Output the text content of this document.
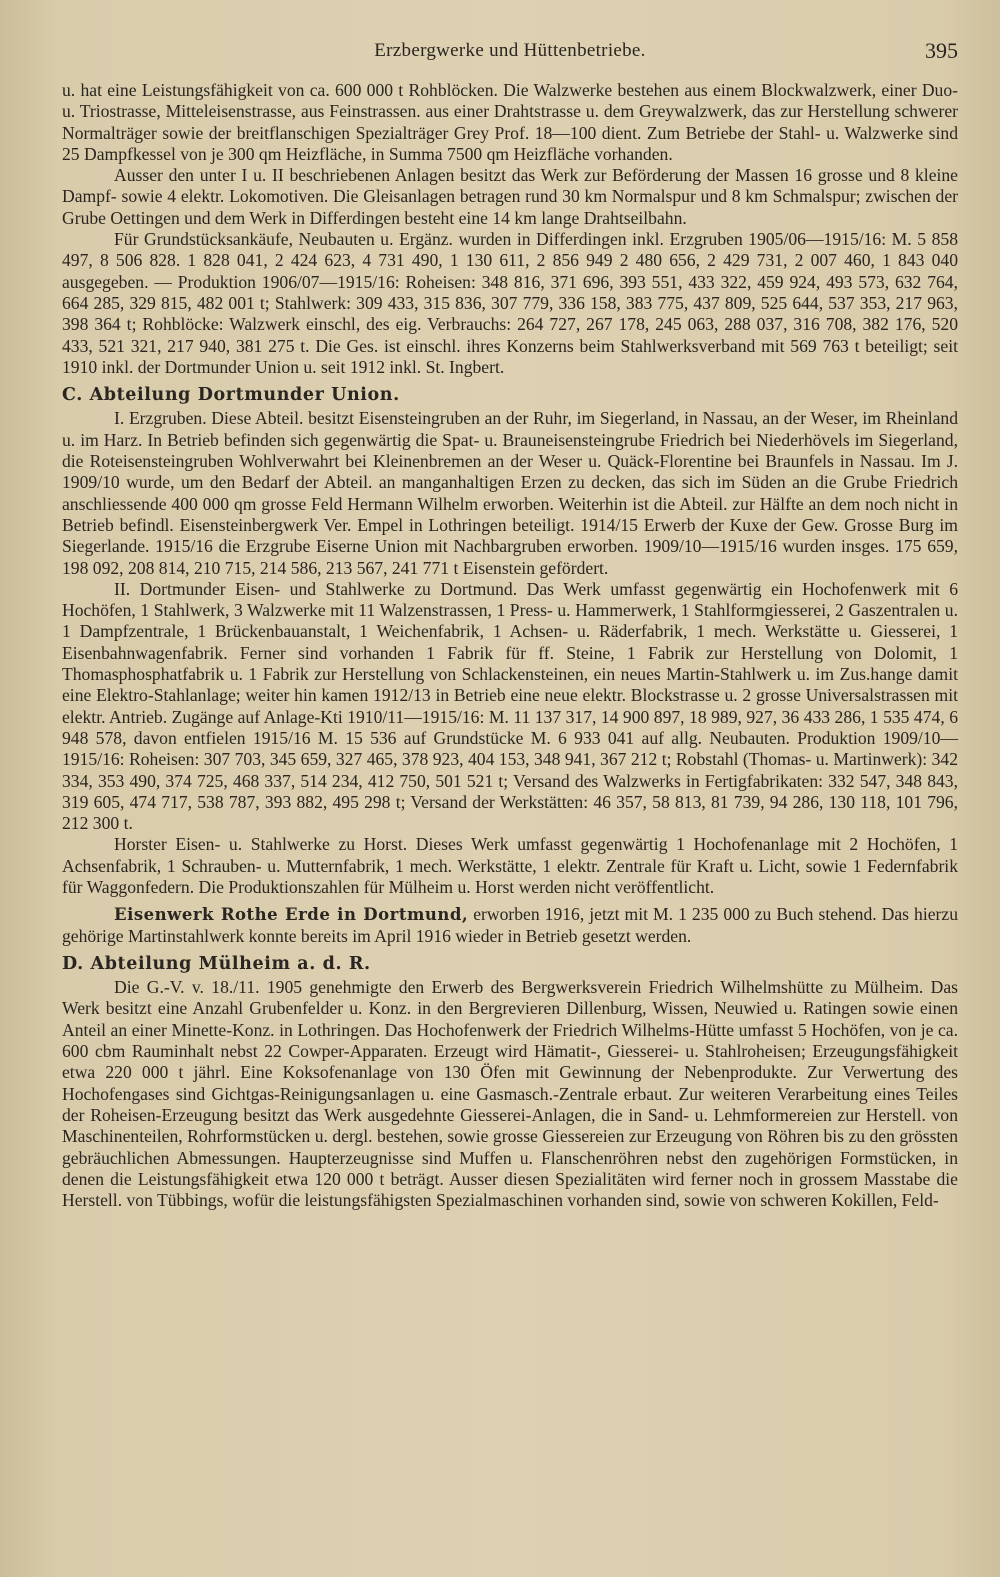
Erzbergwerke und Hüttenbetriebe.	395

u. hat eine Leistungsfähigkeit von ca. 600 000 t Rohblöcken. Die Walzwerke bestehen aus einem Blockwalzwerk, einer Duo- u. Triostrasse, Mitteleisenstrasse, aus Feinstrassen. aus einer Drahtstrasse u. dem Greywalzwerk, das zur Herstellung schwerer Normalträger sowie der breitflanschigen Spezialträger Grey Prof. 18—100 dient. Zum Betriebe der Stahl- u. Walzwerke sind 25 Dampfkessel von je 300 qm Heizfläche, in Summa 7500 qm Heizfläche vorhanden.

Ausser den unter I u. II beschriebenen Anlagen besitzt das Werk zur Beförderung der Massen 16 grosse und 8 kleine Dampf- sowie 4 elektr. Lokomotiven. Die Gleisanlagen betragen rund 30 km Normalspur und 8 km Schmalspur; zwischen der Grube Oettingen und dem Werk in Differdingen besteht eine 14 km lange Drahtseilbahn.

Für Grundstücksankäufe, Neubauten u. Ergänz. wurden in Differdingen inkl. Erzgruben 1905/06—1915/16: M. 5 858 497, 8 506 828. 1 828 041, 2 424 623, 4 731 490, 1 130 611, 2 856 949 2 480 656, 2 429 731, 2 007 460, 1 843 040 ausgegeben. — Produktion 1906/07—1915/16: Roheisen: 348 816, 371 696, 393 551, 433 322, 459 924, 493 573, 632 764, 664 285, 329 815, 482 001 t; Stahlwerk: 309 433, 315 836, 307 779, 336 158, 383 775, 437 809, 525 644, 537 353, 217 963, 398 364 t; Rohblöcke: Walzwerk einschl, des eig. Verbrauchs: 264 727, 267 178, 245 063, 288 037, 316 708, 382 176, 520 433, 521 321, 217 940, 381 275 t. Die Ges. ist einschl. ihres Konzerns beim Stahlwerksverband mit 569 763 t beteiligt; seit 1910 inkl. der Dortmunder Union u. seit 1912 inkl. St. Ingbert.

C. Abteilung Dortmunder Union.

I. Erzgruben. Diese Abteil. besitzt Eisensteingruben an der Ruhr, im Siegerland, in Nassau, an der Weser, im Rheinland u. im Harz. In Betrieb befinden sich gegenwärtig die Spat- u. Brauneisensteingrube Friedrich bei Niederhövels im Siegerland, die Roteisensteingruben Wohlverwahrt bei Kleinenbremen an der Weser u. Quäck-Florentine bei Braunfels in Nassau. Im J. 1909/10 wurde, um den Bedarf der Abteil. an manganhaltigen Erzen zu decken, das sich im Süden an die Grube Friedrich anschliessende 400 000 qm grosse Feld Hermann Wilhelm erworben. Weiterhin ist die Abteil. zur Hälfte an dem noch nicht in Betrieb befindl. Eisensteinbergwerk Ver. Empel in Lothringen beteiligt. 1914/15 Erwerb der Kuxe der Gew. Grosse Burg im Siegerlande. 1915/16 die Erzgrube Eiserne Union mit Nachbargruben erworben. 1909/10—1915/16 wurden insges. 175 659, 198 092, 208 814, 210 715, 214 586, 213 567, 241 771 t Eisenstein gefördert.

II. Dortmunder Eisen- und Stahlwerke zu Dortmund. Das Werk umfasst gegenwärtig ein Hochofenwerk mit 6 Hochöfen, 1 Stahlwerk, 3 Walzwerke mit 11 Walzenstrassen, 1 Press- u. Hammerwerk, 1 Stahlformgiesserei, 2 Gaszentralen u. 1 Dampfzentrale, 1 Brückenbauanstalt, 1 Weichenfabrik, 1 Achsen- u. Räderfabrik, 1 mech. Werkstätte u. Giesserei, 1 Eisenbahnwagenfabrik. Ferner sind vorhanden 1 Fabrik für ff. Steine, 1 Fabrik zur Herstellung von Dolomit, 1 Thomasphosphatfabrik u. 1 Fabrik zur Herstellung von Schlackensteinen, ein neues Martin-Stahlwerk u. im Zus.hange damit eine Elektro-Stahlanlage; weiter hin kamen 1912/13 in Betrieb eine neue elektr. Blockstrasse u. 2 grosse Universalstrassen mit elektr. Antrieb. Zugänge auf Anlage-Kti 1910/11—1915/16: M. 11 137 317, 14 900 897, 18 989, 927, 36 433 286, 1 535 474, 6 948 578, davon entfielen 1915/16 M. 15 536 auf Grundstücke M. 6 933 041 auf allg. Neubauten. Produktion 1909/10—1915/16: Roheisen: 307 703, 345 659, 327 465, 378 923, 404 153, 348 941, 367 212 t; Robstahl (Thomas- u. Martinwerk): 342 334, 353 490, 374 725, 468 337, 514 234, 412 750, 501 521 t; Versand des Walzwerks in Fertigfabrikaten: 332 547, 348 843, 319 605, 474 717, 538 787, 393 882, 495 298 t; Versand der Werkstätten: 46 357, 58 813, 81 739, 94 286, 130 118, 101 796, 212 300 t.

Horster Eisen- u. Stahlwerke zu Horst. Dieses Werk umfasst gegenwärtig 1 Hochofenanlage mit 2 Hochöfen, 1 Achsenfabrik, 1 Schrauben- u. Mutternfabrik, 1 mech. Werkstätte, 1 elektr. Zentrale für Kraft u. Licht, sowie 1 Federnfabrik für Waggonfedern. Die Produktionszahlen für Mülheim u. Horst werden nicht veröffentlicht.

Eisenwerk Rothe Erde in Dortmund, erworben 1916, jetzt mit M. 1 235 000 zu Buch stehend. Das hierzu gehörige Martinstahlwerk konnte bereits im April 1916 wieder in Betrieb gesetzt werden.

D. Abteilung Mülheim a. d. R.

Die G.-V. v. 18./11. 1905 genehmigte den Erwerb des Bergwerksverein Friedrich Wilhelmshütte zu Mülheim. Das Werk besitzt eine Anzahl Grubenfelder u. Konz. in den Bergrevieren Dillenburg, Wissen, Neuwied u. Ratingen sowie einen Anteil an einer Minette-Konz. in Lothringen. Das Hochofenwerk der Friedrich Wilhelms-Hütte umfasst 5 Hochöfen, von je ca. 600 cbm Rauminhalt nebst 22 Cowper-Apparaten. Erzeugt wird Hämatit-, Giesserei- u. Stahlroheisen; Erzeugungsfähigkeit etwa 220 000 t jährl. Eine Koksofenanlage von 130 Öfen mit Gewinnung der Nebenprodukte. Zur Verwertung des Hochofengases sind Gichtgas-Reinigungsanlagen u. eine Gasmasch.-Zentrale erbaut. Zur weiteren Verarbeitung eines Teiles der Roheisen-Erzeugung besitzt das Werk ausgedehnte Giesserei-Anlagen, die in Sand- u. Lehmformereien zur Herstell. von Maschinenteilen, Rohrformstücken u. dergl. bestehen, sowie grosse Giessereien zur Erzeugung von Röhren bis zu den grössten gebräuchlichen Abmessungen. Haupterzeugnisse sind Muffen u. Flanschenröhren nebst den zugehörigen Formstücken, in denen die Leistungsfähigkeit etwa 120 000 t beträgt. Ausser diesen Spezialitäten wird ferner noch in grossem Masstabe die Herstell. von Tübbings, wofür die leistungsfähigsten Spezialmaschinen vorhanden sind, sowie von schweren Kokillen, Feld-
